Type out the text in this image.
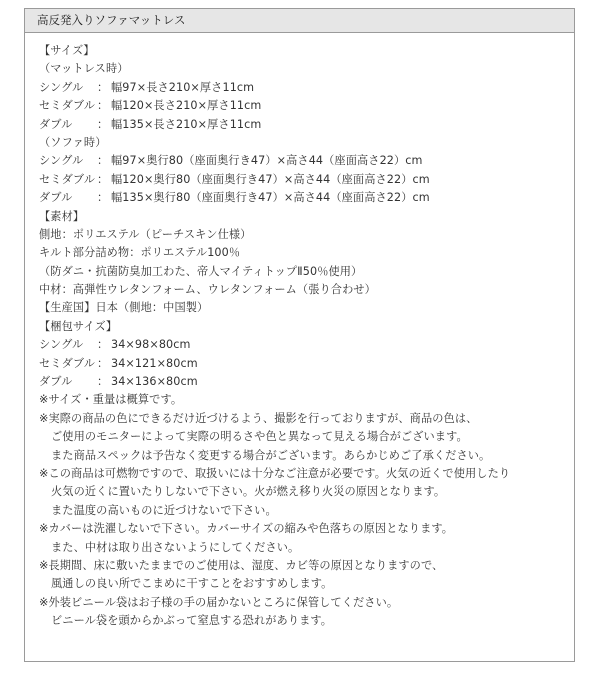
高反発入りソファマットレス
【サイズ】
（マットレス時）
シングル	： 幅97×長さ210×厚さ11cm
セミダブル ： 幅120×長さ210×厚さ11cm
ダブル	： 幅135×長さ210×厚さ11cm
（ソファ時）
シングル	： 幅97×奥行80（座面奥行き47）×高さ44（座面高さ22）cm
セミダブル ： 幅120×奥行80（座面奥行き47）×高さ44（座面高さ22）cm
ダブル	： 幅135×奥行80（座面奥行き47）×高さ44（座面高さ22）cm
【素材】
側地：ポリエステル（ピーチスキン仕様）
キルト部分詰め物：ポリエステル100％
（防ダニ・抗菌防臭加工わた、帝人マイティトップⅡ50％使用）
中材：高弾性ウレタンフォーム、ウレタンフォーム（張り合わせ）
【生産国】日本（側地：中国製）
【梱包サイズ】
シングル	： 34×98×80cm
セミダブル ： 34×121×80cm
ダブル	： 34×136×80cm
※サイズ・重量は概算です。
※実際の商品の色にできるだけ近づけるよう、撮影を行っておりますが、商品の色は、
ご使用のモニターによって実際の明るさや色と異なって見える場合がございます。
また商品スペックは予告なく変更する場合がございます。あらかじめご了承ください。
※この商品は可燃物ですので、取扱いには十分なご注意が必要です。火気の近くで使用したり
火気の近くに置いたりしないで下さい。火が燃え移り火災の原因となります。
また温度の高いものに近づけないで下さい。
※カバーは洗濯しないで下さい。カバーサイズの縮みや色落ちの原因となります。
また、中材は取り出さないようにしてください。
※長期間、床に敷いたままでのご使用は、湿度、カビ等の原因となりますので、
風通しの良い所でこまめに干すことをおすすめします。
※外装ビニール袋はお子様の手の届かないところに保管してください。
ビニール袋を頭からかぶって窒息する恐れがあります。
